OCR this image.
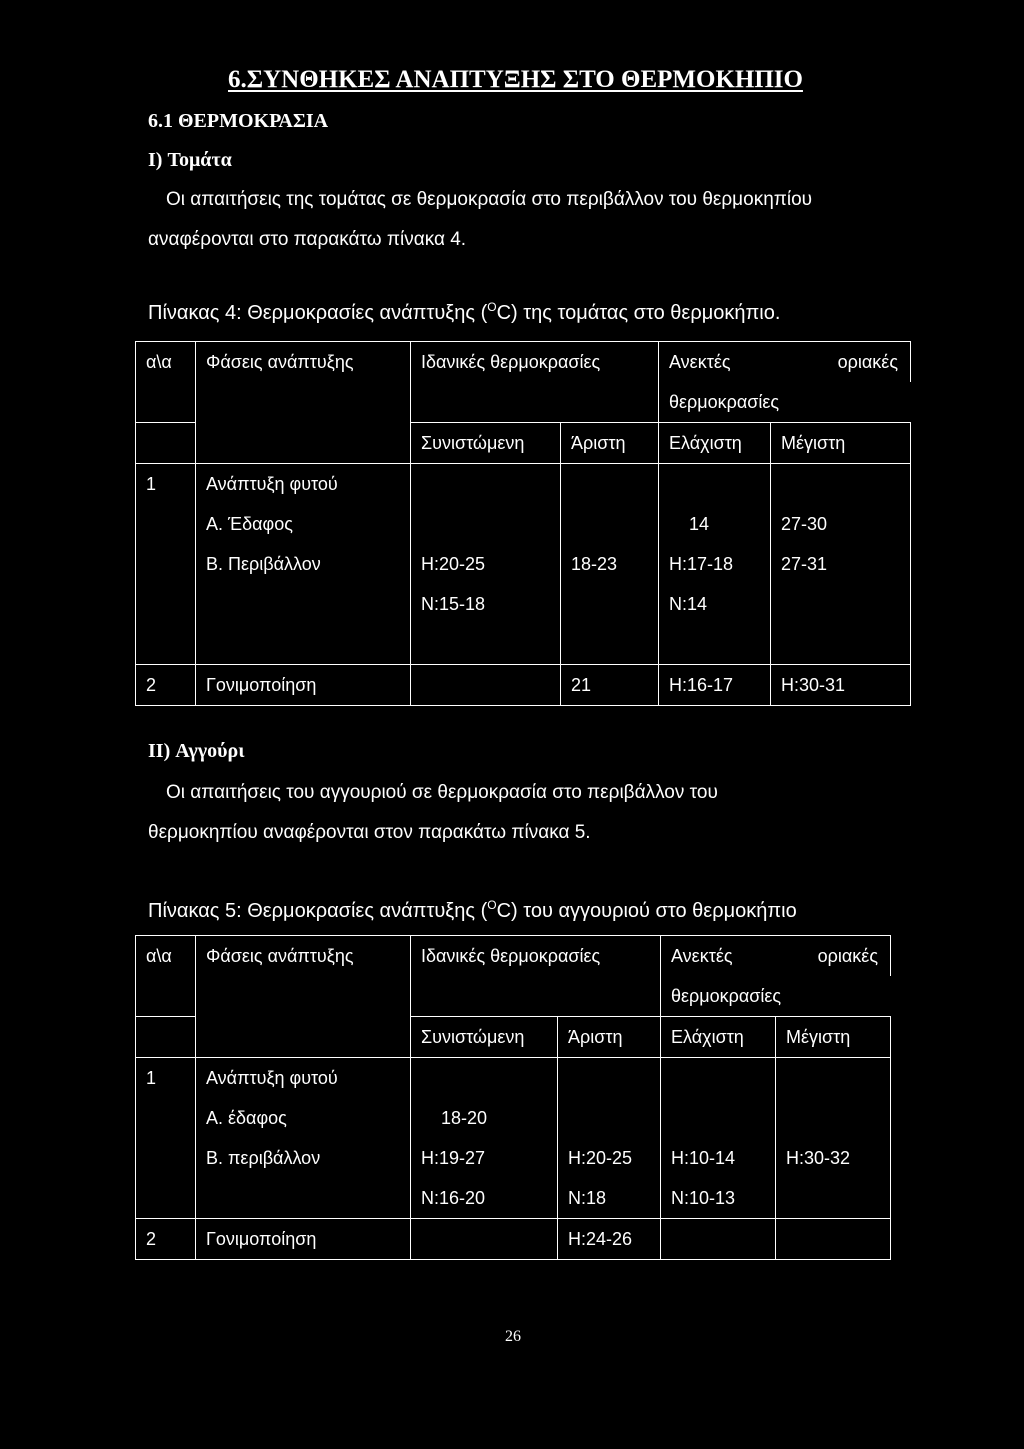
6.ΣΥΝΘΗΚΕΣ ΑΝΑΠΤΥΞΗΣ ΣΤΟ ΘΕΡΜΟΚΗΠΙΟ
6.1 ΘΕΡΜΟΚΡΑΣΙΑ
I) Τομάτα
Οι απαιτήσεις της τομάτας σε θερμοκρασία στο περιβάλλον του θερμοκηπίου
αναφέρονται στο παρακάτω πίνακα 4.
Πίνακας 4: Θερμοκρασίες ανάπτυξης ($^O$C) της τομάτας στο θερμοκήπιο.
α\α	Φάσεις ανάπτυξης	Ιδανικές θερμοκρασίες		Ανεκτές	οριακές
				θερμοκρασίες	
		Συνιστώμενη	Άριστη	Ελάχιστη	Μέγιστη
1	Ανάπτυξη φυτού				
	Α. Έδαφος			14	27-30
	Β. Περιβάλλον	Η:20-25	18-23	Η:17-18	27-31
		Ν:15-18		Ν:14	

2	Γονιμοποίηση		21	Η:16-17	Η:30-31
II) Αγγούρι
Οι απαιτήσεις του αγγουριού σε θερμοκρασία στο περιβάλλον του
θερμοκηπίου αναφέρονται στον παρακάτω πίνακα 5.
Πίνακας 5: Θερμοκρασίες ανάπτυξης ($^O$C) του αγγουριού στο θερμοκήπιο
α\α	Φάσεις ανάπτυξης	Ιδανικές θερμοκρασίες		Ανεκτές	οριακές
				θερμοκρασίες	
		Συνιστώμενη	Άριστη	Ελάχιστη	Μέγιστη
1	Ανάπτυξη φυτού				
	Α. έδαφος	18-20			
	Β. περιβάλλον	Η:19-27	Η:20-25	Η:10-14	Η:30-32
		Ν:16-20	Ν:18	Ν:10-13	
2	Γονιμοποίηση		Η:24-26		
26
